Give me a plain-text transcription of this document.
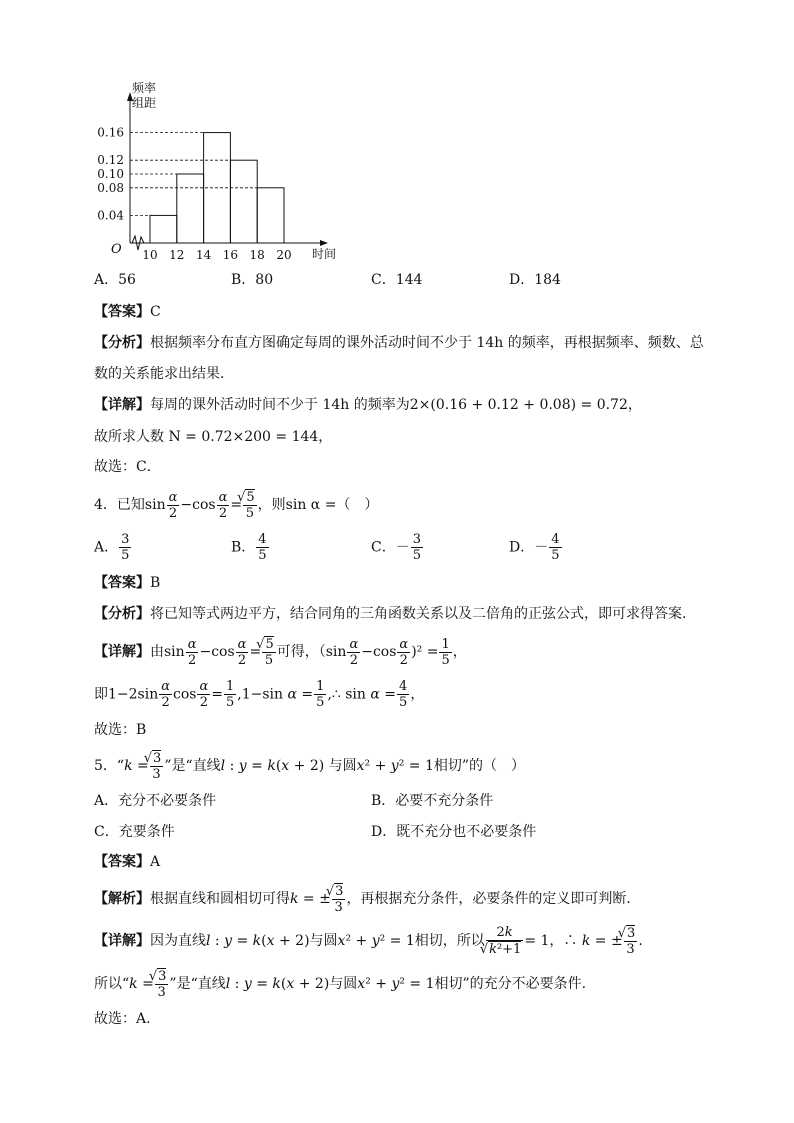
频率
组距
时间
O 10 12 14 16 18 20
0.04
0.08
0.10
0.12
0.16
A．56	B．80	C．144	D．184
【答案】C
【分析】根据频率分布直方图确定每周的课外活动时间不少于 14h 的频率，再根据频率、频数、总
数的关系能求出结果．
【详解】每周的课外活动时间不少于 14h 的频率为2×(0.16 + 0.12 + 0.08) = 0.72，
故所求人数 N = 0.72×200 = 144，
故选：C．
4．已知$\sin \frac{\alpha}{2} -\cos \frac{\alpha}{2}$ = √ $\frac{5}{5}$ ，则sin α =（　）
A． $\frac{3}{5}$	B． $\frac{4}{5}$	C．－ $\frac{3}{5}$	D．－ $\frac{4}{5}$
【答案】B
【分析】将已知等式两边平方，结合同角的三角函数关系以及二倍角的正弦公式，即可求得答案.
【详解】由$\sin \frac{\alpha}{2} -\cos \frac{\alpha}{2}$ = √ $\frac{5}{5}$ 可得，$(\sin \frac{\alpha}{2} -\cos \frac{\alpha}{2} )^2 = \frac{1}{5}$ ，
即$1-2\sin \frac{\alpha}{2}$ $\cos \frac{\alpha}{2} = \frac{1}{5} ,1-\sin$ $\alpha = \frac{1}{5}$ ,∴ $\sin \alpha = \frac{4}{5}$ ，
故选：B
5．“k = √ $\frac{3}{3}$ ”是“直线l : y = k(x + 2) 与圆x² + y² = 1相切”的（　）
A．充分不必要条件	B．必要不充分条件
C．充要条件	D．既不充分也不必要条件
【答案】A
【解析】根据直线和圆相切可得k = ± √ $\frac{3}{3}$ ，再根据充分条件，必要条件的定义即可判断．
【详解】因为直线l : y = k(x + 2)与圆x² + y² = 1相切，所以 2k
√ k²+1 = 1，∴ k = ± √ $\frac{3}{3}$ .
所以“k = √ $\frac{3}{3}$ ”是“直线l : y = k(x + 2)与圆x² + y² = 1相切”的充分不必要条件.
故选：A.
